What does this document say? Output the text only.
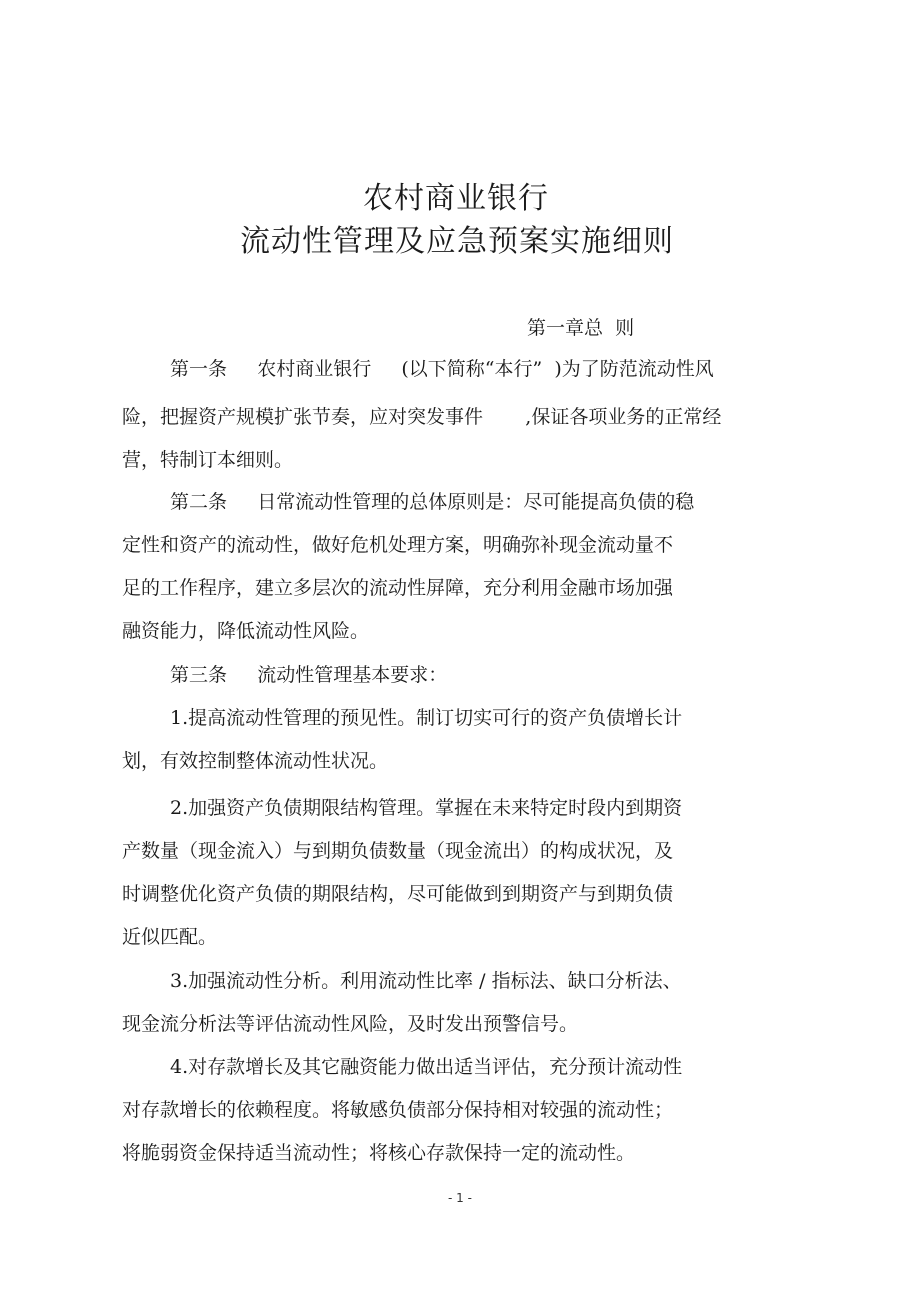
农村商业银行
流动性管理及应急预案实施细则
第一章总  则
第一条     农村商业银行     (以下简称“本行”  )为了防范流动性风
险，把握资产规模扩张节奏，应对突发事件       ,保证各项业务的正常经
营，特制订本细则。
第二条     日常流动性管理的总体原则是：尽可能提高负债的稳
定性和资产的流动性，做好危机处理方案，明确弥补现金流动量不
足的工作程序，建立多层次的流动性屏障，充分利用金融市场加强
融资能力，降低流动性风险。
第三条     流动性管理基本要求：
1.提高流动性管理的预见性。制订切实可行的资产负债增长计
划，有效控制整体流动性状况。
2.加强资产负债期限结构管理。掌握在未来特定时段内到期资
产数量（现金流入）与到期负债数量（现金流出）的构成状况，及
时调整优化资产负债的期限结构，尽可能做到到期资产与到期负债
近似匹配。
3.加强流动性分析。利用流动性比率 / 指标法、缺口分析法、
现金流分析法等评估流动性风险，及时发出预警信号。
4.对存款增长及其它融资能力做出适当评估，充分预计流动性
对存款增长的依赖程度。将敏感负债部分保持相对较强的流动性；
将脆弱资金保持适当流动性；将核心存款保持一定的流动性。
- 1 -
